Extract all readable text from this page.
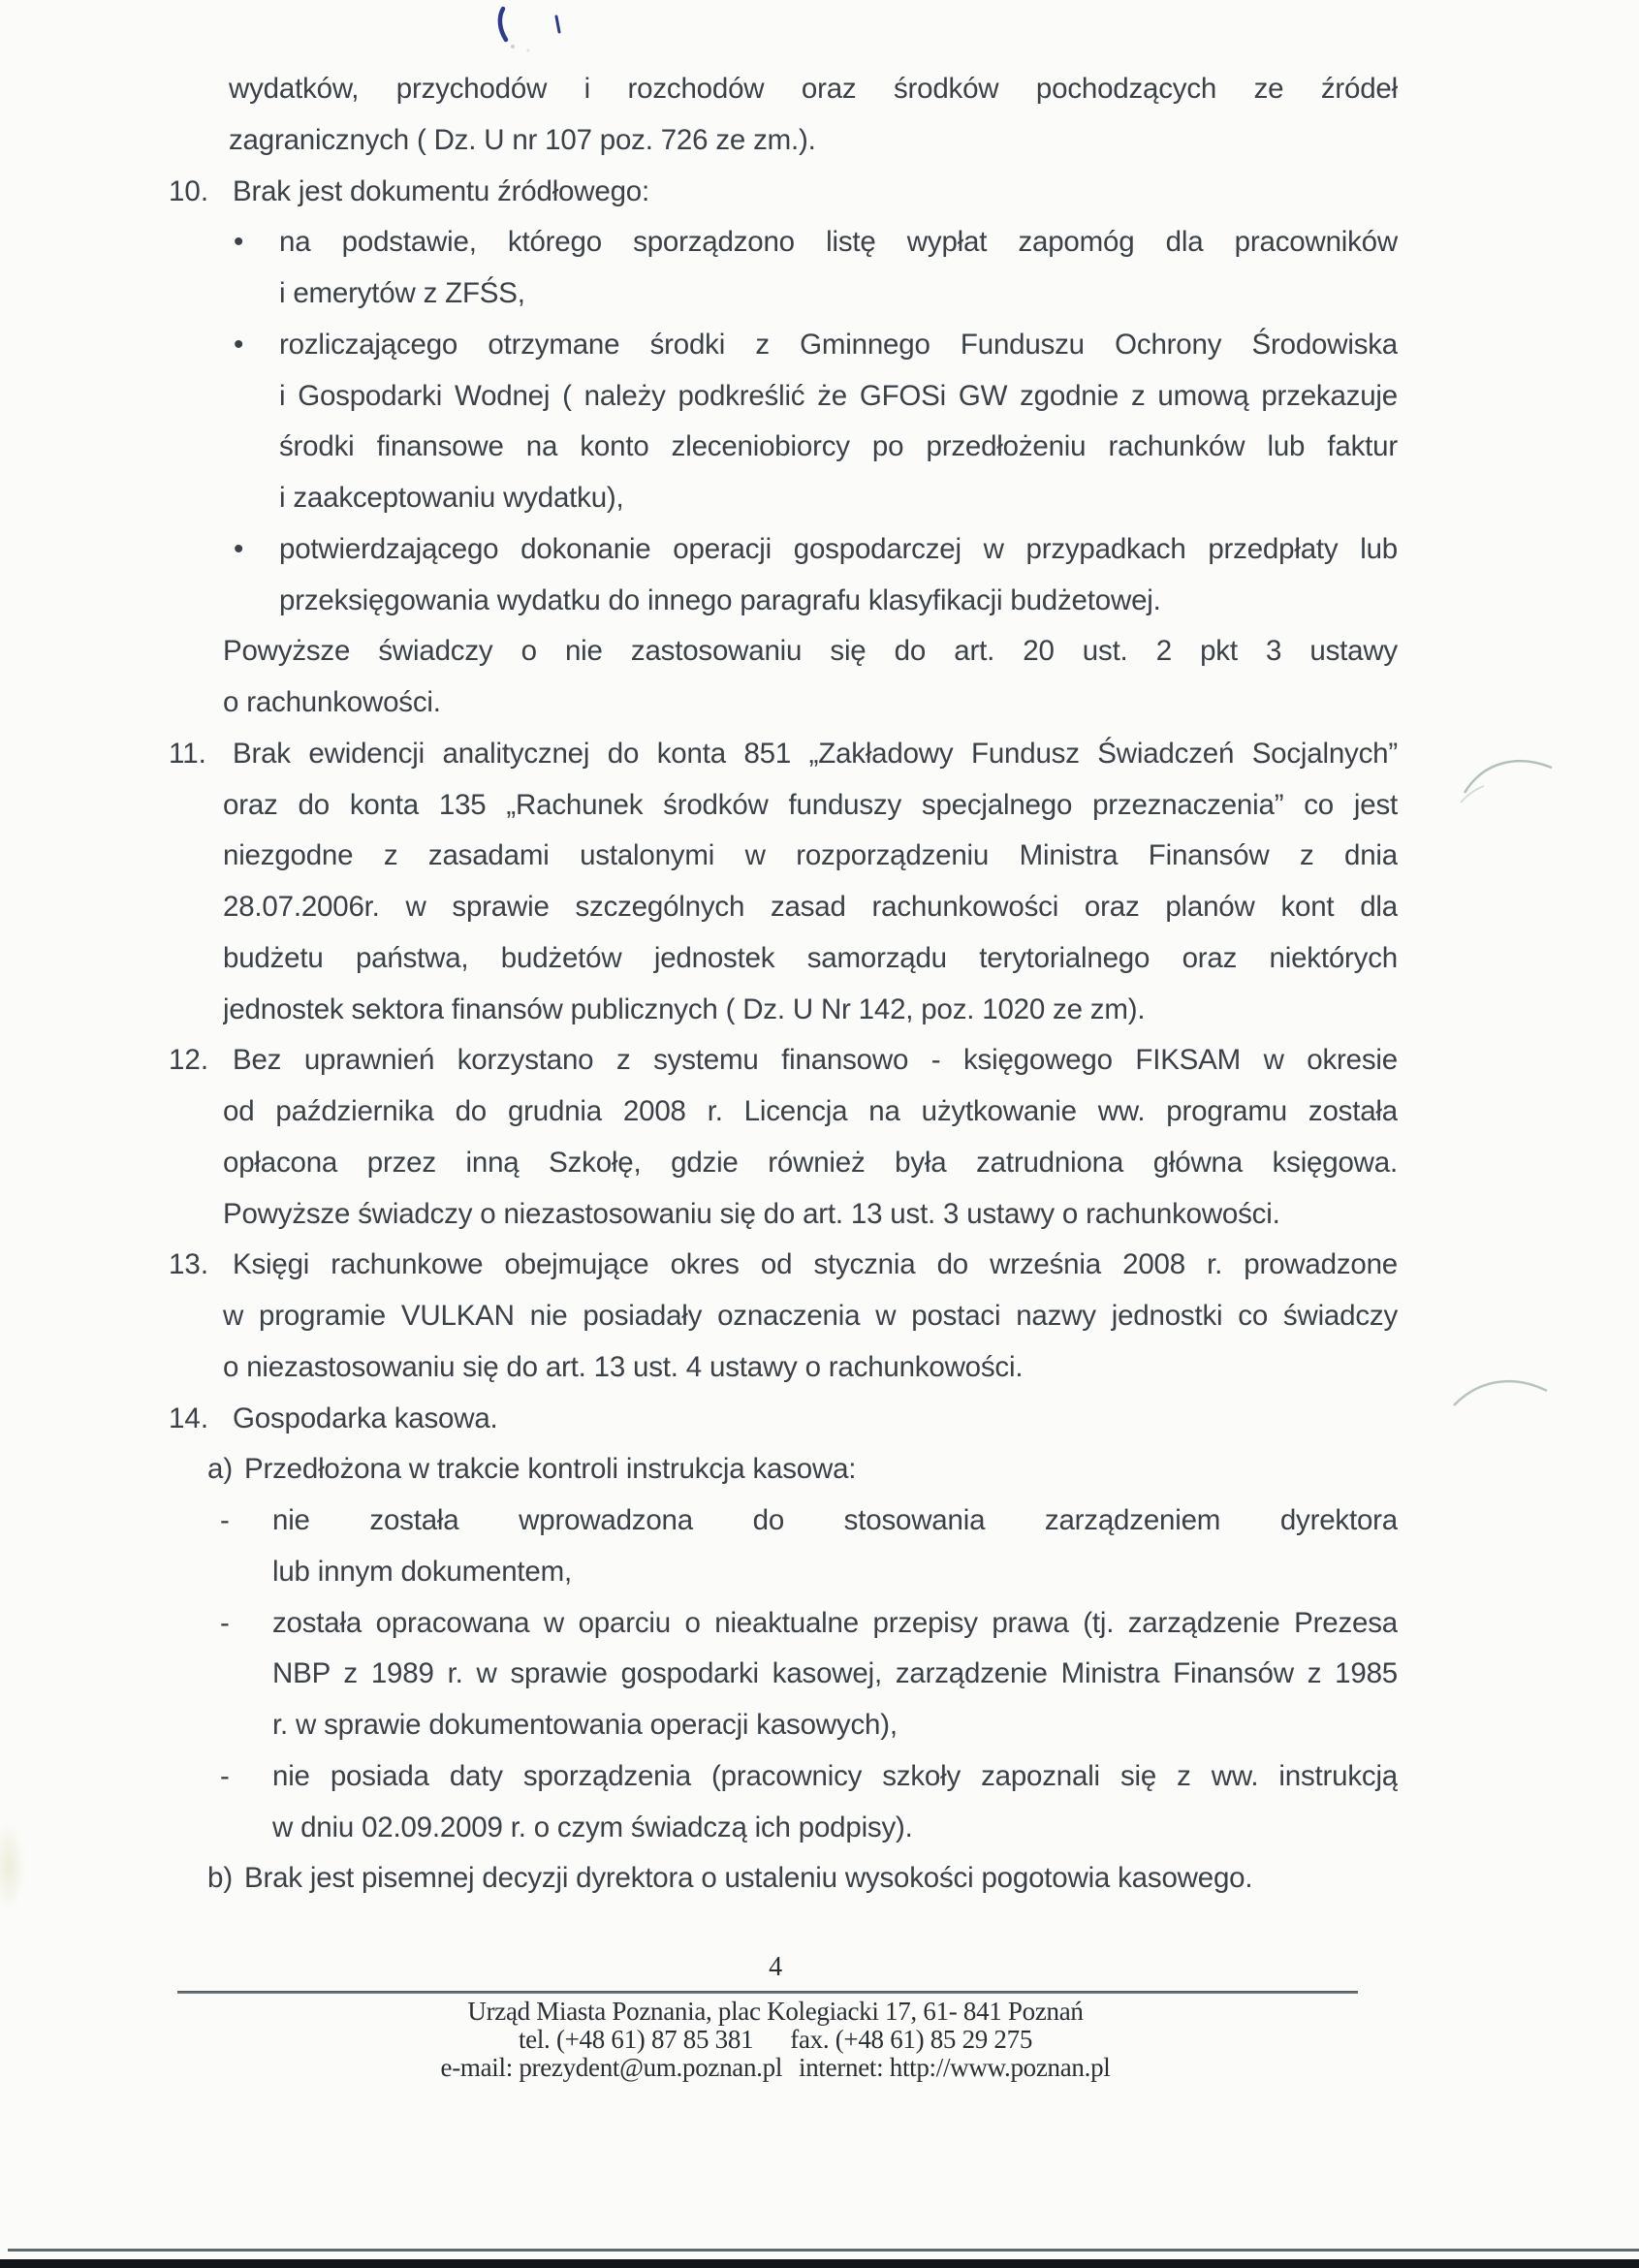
wydatków, przychodów i rozchodów oraz środków pochodzących ze źródeł
zagranicznych ( Dz. U nr 107 poz. 726 ze zm.).
Brak jest dokumentu źródłowego:
10.
na podstawie, którego sporządzono listę wypłat zapomóg dla pracowników
•
i emerytów z ZFŚS,
rozliczającego otrzymane środki z Gminnego Funduszu Ochrony Środowiska
•
i Gospodarki Wodnej ( należy podkreślić że GFOSi GW zgodnie z umową przekazuje
środki finansowe na konto zleceniobiorcy po przedłożeniu rachunków lub faktur
i zaakceptowaniu wydatku),
potwierdzającego dokonanie operacji gospodarczej w przypadkach przedpłaty lub
•
przeksięgowania wydatku do innego paragrafu klasyfikacji budżetowej.
Powyższe świadczy o nie zastosowaniu się do art. 20 ust. 2 pkt 3 ustawy
o rachunkowości.
Brak ewidencji analitycznej do konta 851 „Zakładowy Fundusz Świadczeń Socjalnych”
11.
oraz do konta 135 „Rachunek środków funduszy specjalnego przeznaczenia” co jest
niezgodne z zasadami ustalonymi w rozporządzeniu Ministra Finansów z dnia
28.07.2006r. w sprawie szczególnych zasad rachunkowości oraz planów kont dla
budżetu państwa, budżetów jednostek samorządu terytorialnego oraz niektórych
jednostek sektora finansów publicznych ( Dz. U Nr 142, poz. 1020 ze zm).
Bez uprawnień korzystano z systemu finansowo - księgowego FIKSAM w okresie
12.
od października do grudnia 2008 r. Licencja na użytkowanie ww. programu została
opłacona przez inną Szkołę, gdzie również była zatrudniona główna księgowa.
Powyższe świadczy o niezastosowaniu się do art. 13 ust. 3 ustawy o rachunkowości.
Księgi rachunkowe obejmujące okres od stycznia do września 2008 r. prowadzone
13.
w programie VULKAN nie posiadały oznaczenia w postaci nazwy jednostki co świadczy
o niezastosowaniu się do art. 13 ust. 4 ustawy o rachunkowości.
Gospodarka kasowa.
14.
Przedłożona w trakcie kontroli instrukcja kasowa:
a)
nie została wprowadzona do stosowania zarządzeniem dyrektora
-
lub innym dokumentem,
została opracowana w oparciu o nieaktualne przepisy prawa (tj. zarządzenie Prezesa
-
NBP z 1989 r. w sprawie gospodarki kasowej, zarządzenie Ministra Finansów z 1985
r. w sprawie dokumentowania operacji kasowych),
nie posiada daty sporządzenia (pracownicy szkoły zapoznali się z ww. instrukcją
-
w dniu 02.09.2009 r. o czym świadczą ich podpisy).
Brak jest pisemnej decyzji dyrektora o ustaleniu wysokości pogotowia kasowego.
b)
4
Urząd Miasta Poznania, plac Kolegiacki 17, 61- 841 Poznań
tel. (+48 61) 87 85 381 fax. (+48 61) 85 29 275
e-mail: prezydent@um.poznan.pl internet: http://www.poznan.pl
